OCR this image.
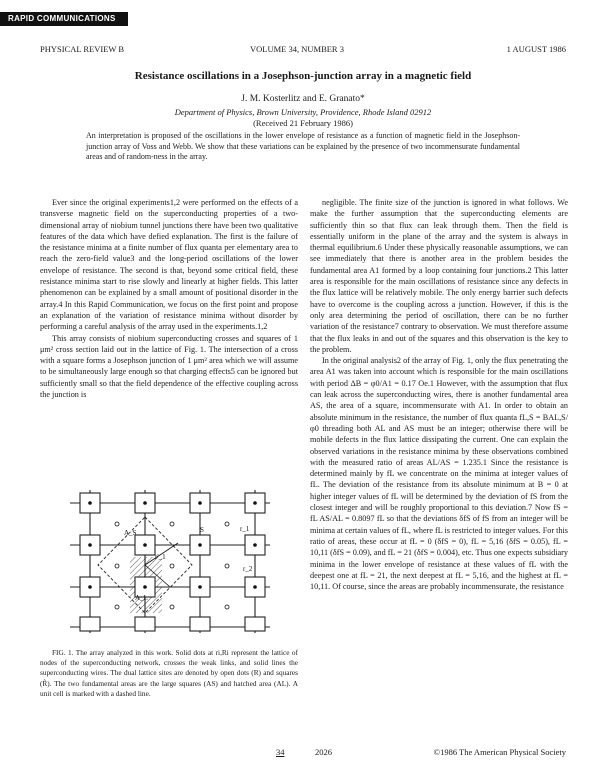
RAPID COMMUNICATIONS
PHYSICAL REVIEW B	VOLUME 34, NUMBER 3	1 AUGUST 1986
Resistance oscillations in a Josephson-junction array in a magnetic field
J. M. Kosterlitz and E. Granato*
Department of Physics, Brown University, Providence, Rhode Island 02912
(Received 21 February 1986)
An interpretation is proposed of the oscillations in the lower envelope of resistance as a function of magnetic field in the Josephson-junction array of Voss and Webb. We show that these variations can be explained by the presence of two incommensurate fundamental areas and of random-ness in the array.

Ever since the original experiments1,2 were performed on the effects of a transverse magnetic field on the superconducting properties of a two-dimensional array of niobium tunnel junctions there have been two qualitative features of the data which have defied explanation. The first is the failure of the resistance minima at a finite number of flux quanta per elementary area to reach the zero-field value3 and the long-period oscillations of the lower envelope of resistance. The second is that, beyond some critical field, these resistance minima start to rise slowly and linearly at higher fields. This latter phenomenon can be explained by a small amount of positional disorder in the array.4 In this Rapid Communication, we focus on the first point and propose an explanation of the variation of resistance minima without disorder by performing a careful analysis of the array used in the experiments.1,2

This array consists of niobium superconducting crosses and squares of 1 μm² cross section laid out in the lattice of Fig. 1. The intersection of a cross with a square forms a Josephson junction of 1 μm² area which we will assume to be simultaneously large enough so that charging effects5 can be ignored but sufficiently small so that the field dependence of the effective coupling across the junction is

negligible. The finite size of the junction is ignored in what follows. We make the further assumption that the superconducting elements are sufficiently thin so that flux can leak through them. Then the field is essentially uniform in the plane of the array and the system is always in thermal equilibrium.6 Under these physically reasonable assumptions, we can see immediately that there is another area in the problem besides the fundamental area A1 formed by a loop containing four junctions.2 This latter area is responsible for the main oscillations of resistance since any defects in the flux lattice will be relatively mobile. The only energy barrier such defects have to overcome is the coupling across a junction. However, if this is the only area determining the period of oscillation, there can be no further variation of the resistance7 contrary to observation. We must therefore assume that the flux leaks in and out of the squares and this observation is the key to the problem.

In the original analysis2 of the array of Fig. 1, only the flux penetrating the area A1 was taken into account which is responsible for the main oscillations with period ΔB = φ0/A1 = 0.17 Oe.1 However, with the assumption that flux can leak across the superconducting wires, there is another fundamental area AS, the area of a square, incommensurate with A1. In order to obtain an absolute minimum in the resistance, the number of flux quanta fL,S = BAL,S/φ0 threading both AL and AS must be an integer; otherwise there will be mobile defects in the flux lattice dissipating the current. One can explain the observed variations in the resistance minima by these observations combined with the measured ratio of areas AL/AS = 1.235.1 Since the resistance is determined mainly by fL we concentrate on the minima at integer values of fL. The deviation of the resistance from its absolute minimum at B = 0 at higher integer values of fL will be determined by the deviation of fS from the closest integer and will be roughly proportional to this deviation.7 Now fS = fL AS/AL = 0.8097 fL so that the deviations δfS of fS from an integer will be minima at certain values of fL, where fL is restricted to integer values. For this ratio of areas, these occur at fL = 0 (δfS = 0), fL = 5,16 (δfS = 0.05), fL = 10,11 (δfS = 0.09), and fL = 21 (δfS = 0.004), etc. Thus one expects subsidiary minima in the lower envelope of resistance at these values of fL with the deepest one at fL = 21, the next deepest at fL = 5,16, and the highest at fL = 10,11. Of course, since the areas are probably incommensurate, the resistance

S
A_S
A_L
r_1
r_2
r'_1

FIG. 1. The array analyzed in this work. Solid dots at ri,Ri represent the lattice of nodes of the superconducting network, crosses the weak links, and solid lines the superconducting wires. The dual lattice sites are denoted by open dots (R) and squares (R̃). The two fundamental areas are the large squares (AS) and hatched area (AL). A unit cell is marked with a dashed line.

34	2026	©1986 The American Physical Society
